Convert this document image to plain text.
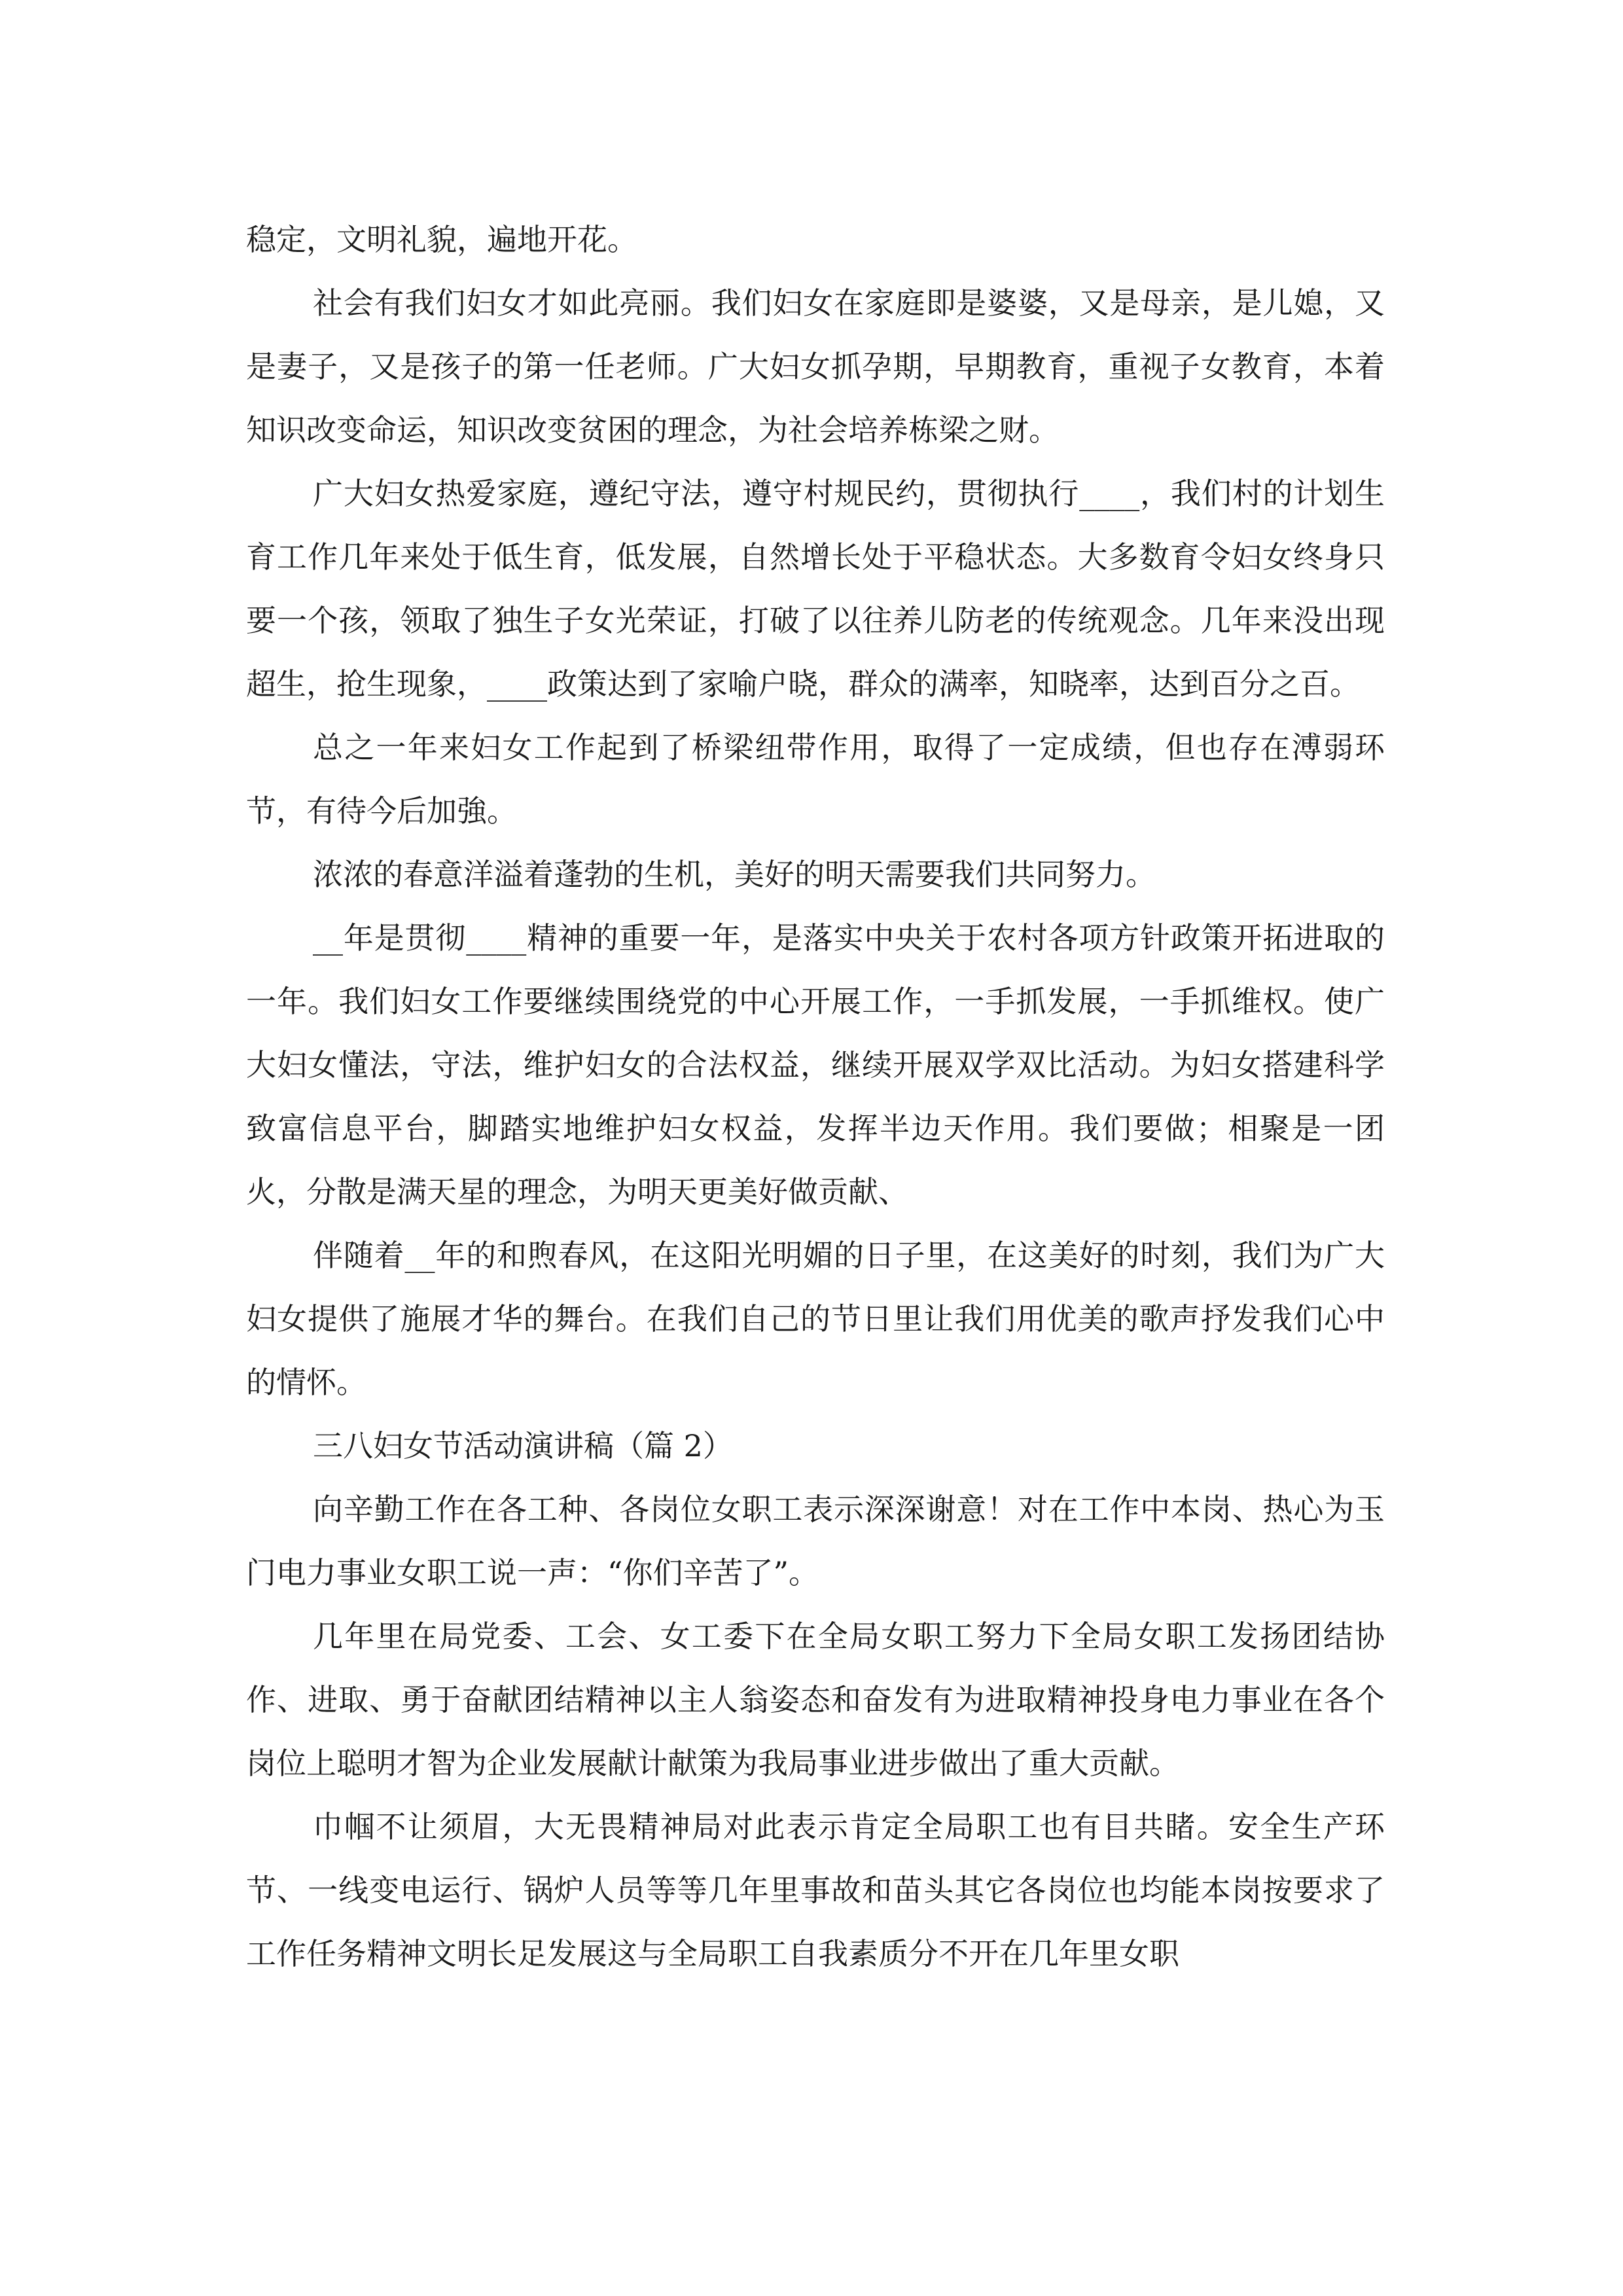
稳定，文明礼貌，遍地开花。

社会有我们妇女才如此亮丽。我们妇女在家庭即是婆婆，又是母亲，是儿媳，又是妻子，又是孩子的第一任老师。广大妇女抓孕期，早期教育，重视子女教育，本着知识改变命运，知识改变贫困的理念，为社会培养栋梁之财。

广大妇女热爱家庭，遵纪守法，遵守村规民约，贯彻执行____，我们村的计划生育工作几年来处于低生育，低发展，自然增长处于平稳状态。大多数育令妇女终身只要一个孩，领取了独生子女光荣证，打破了以往养儿防老的传统观念。几年来没出现超生，抢生现象，____政策达到了家喻户晓，群众的满率，知晓率，达到百分之百。

总之一年来妇女工作起到了桥梁纽带作用，取得了一定成绩，但也存在溥弱环节，有待今后加強。

浓浓的春意洋溢着蓬勃的生机，美好的明天需要我们共同努力。

__年是贯彻____精神的重要一年，是落实中央关于农村各项方针政策开拓进取的一年。我们妇女工作要继续围绕党的中心开展工作，一手抓发展，一手抓维权。使广大妇女懂法，守法，维护妇女的合法权益，继续开展双学双比活动。为妇女搭建科学致富信息平台，脚踏实地维护妇女权益，发挥半边天作用。我们要做；相聚是一团火，分散是满天星的理念，为明天更美好做贡献、

伴随着__年的和煦春风，在这阳光明媚的日子里，在这美好的时刻，我们为广大妇女提供了施展才华的舞台。在我们自己的节日里让我们用优美的歌声抒发我们心中的情怀。

三八妇女节活动演讲稿（篇 2）

向辛勤工作在各工种、各岗位女职工表示深深谢意！对在工作中本岗、热心为玉门电力事业女职工说一声：“你们辛苦了”。

几年里在局党委、工会、女工委下在全局女职工努力下全局女职工发扬团结协作、进取、勇于奋献团结精神以主人翁姿态和奋发有为进取精神投身电力事业在各个岗位上聪明才智为企业发展献计献策为我局事业进步做出了重大贡献。

巾帼不让须眉，大无畏精神局对此表示肯定全局职工也有目共睹。安全生产环节、一线变电运行、锅炉人员等等几年里事故和苗头其它各岗位也均能本岗按要求了工作任务精神文明长足发展这与全局职工自我素质分不开在几年里女职
